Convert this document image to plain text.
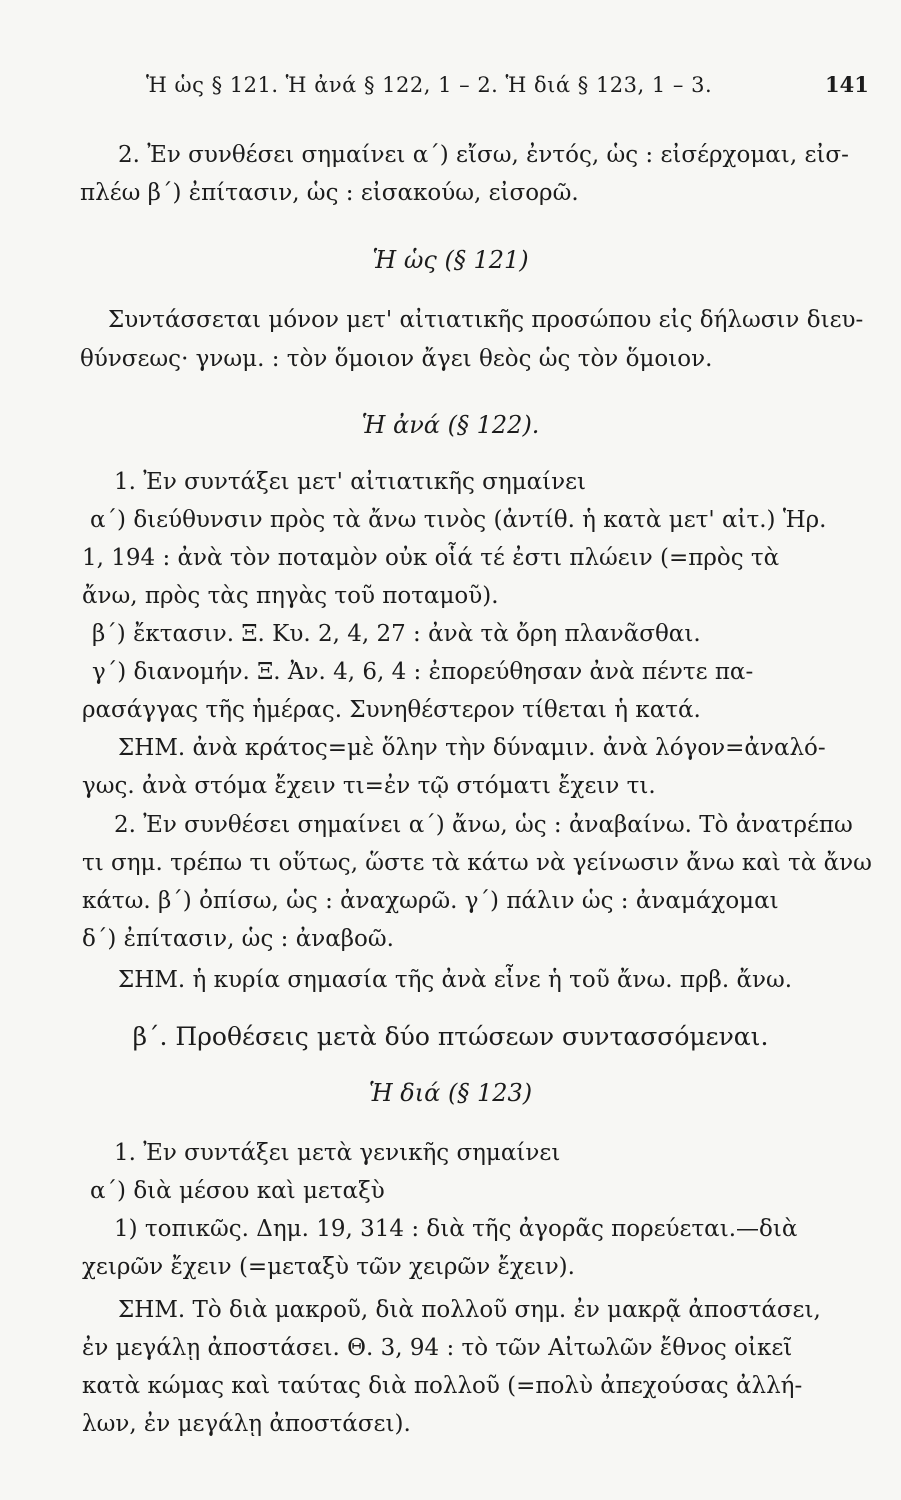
Ἡ ὡς § 121. Ἡ ἀνά § 122, 1 – 2. Ἡ διά § 123, 1 – 3.	141
2. Ἐν συνθέσει σημαίνει α΄) εἴσω, ἐντός, ὡς : εἰσέρχομαι, εἰσ-
πλέω β΄) ἐπίτασιν, ὡς : εἰσακούω, εἰσορῶ.
Ἡ ὡς (§ 121)
Συντάσσεται μόνον μετ' αἰτιατικῆς προσώπου εἰς δήλωσιν διευ-
θύνσεως· γνωμ. : τὸν ὅμοιον ἄγει θεὸς ὡς τὸν ὅμοιον.
Ἡ ἀνά (§ 122).
1. Ἐν συντάξει μετ' αἰτιατικῆς σημαίνει
α΄) διεύθυνσιν πρὸς τὰ ἄνω τινὸς (ἀντίθ. ἡ κατὰ μετ' αἰτ.) Ἡρ.
1, 194 : ἀνὰ τὸν ποταμὸν οὐκ οἷά τέ ἐστι πλώειν (=πρὸς τὰ
ἄνω, πρὸς τὰς πηγὰς τοῦ ποταμοῦ).
β΄) ἔκτασιν. Ξ. Κυ. 2, 4, 27 : ἀνὰ τὰ ὄρη πλανᾶσθαι.
γ΄) διανομήν. Ξ. Ἀν. 4, 6, 4 : ἐπορεύθησαν ἀνὰ πέντε πα-
ρασάγγας τῆς ἡμέρας. Συνηθέστερον τίθεται ἡ κατά.
ΣΗΜ. ἀνὰ κράτος=μὲ ὅλην τὴν δύναμιν. ἀνὰ λόγον=ἀναλό-
γως. ἀνὰ στόμα ἔχειν τι=ἐν τῷ στόματι ἔχειν τι.
2. Ἐν συνθέσει σημαίνει α΄) ἄνω, ὡς : ἀναβαίνω. Τὸ ἀνατρέπω
τι σημ. τρέπω τι οὕτως, ὥστε τὰ κάτω νὰ γείνωσιν ἄνω καὶ τὰ ἄνω
κάτω. β΄) ὀπίσω, ὡς : ἀναχωρῶ. γ΄) πάλιν ὡς : ἀναμάχομαι
δ΄) ἐπίτασιν, ὡς : ἀναβοῶ.
ΣΗΜ. ἡ κυρία σημασία τῆς ἀνὰ εἶνε ἡ τοῦ ἄνω. πρβ. ἄνω.
β΄. Προθέσεις μετὰ δύο πτώσεων συντασσόμεναι.
Ἡ διά (§ 123)
1. Ἐν συντάξει μετὰ γενικῆς σημαίνει
α΄) διὰ μέσου καὶ μεταξὺ
1) τοπικῶς. Δημ. 19, 314 : διὰ τῆς ἀγορᾶς πορεύεται.—διὰ
χειρῶν ἔχειν (=μεταξὺ τῶν χειρῶν ἔχειν).
ΣΗΜ. Τὸ διὰ μακροῦ, διὰ πολλοῦ σημ. ἐν μακρᾷ ἀποστάσει,
ἐν μεγάλῃ ἀποστάσει. Θ. 3, 94 : τὸ τῶν Αἰτωλῶν ἔθνος οἰκεῖ
κατὰ κώμας καὶ ταύτας διὰ πολλοῦ (=πολὺ ἀπεχούσας ἀλλή-
λων, ἐν μεγάλῃ ἀποστάσει).
